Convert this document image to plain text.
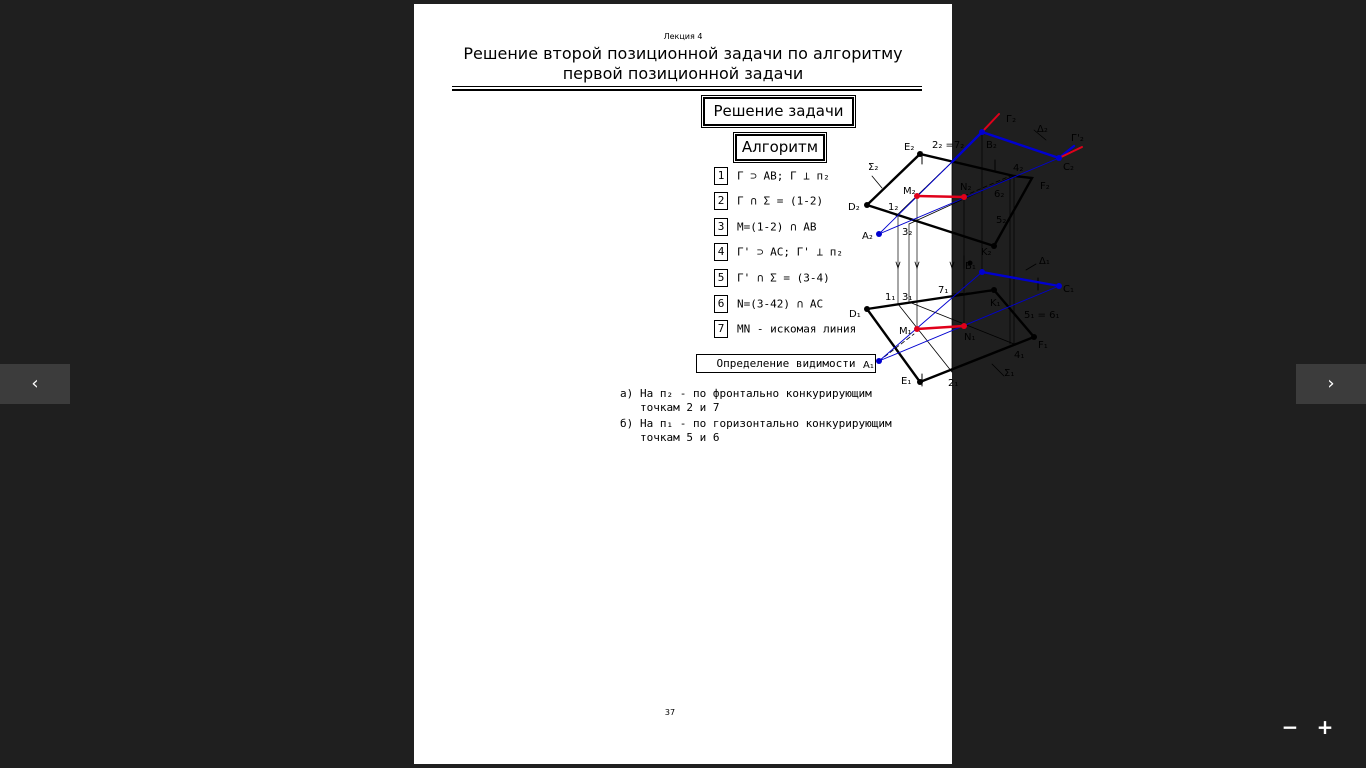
Лекция 4
Решение второй позиционной задачи по алгоритму
первой позиционной задачи
Г₂
Δ₂
Г'₂
B₂
C₂
E₂ 2₂ =7₂
Σ₂
M₂	N₂
4₂
F₂
D₂	1₂
6₂
3₂
5₂
A₂
K₂
B₁	Δ₁
C₁
1₁ 3₁
7₁
K₁
D₁	5₁ = 6₁
M₁
N₁
F₁
4₁
A₁
E₁	2₁
Σ₁
Решение задачи
Алгоритм
1 Г ⊃ АВ; Г ⊥ п₂
2 Г ∩ Σ = (1-2)
3 M=(1-2) ∩ АВ
4 Г' ⊃ АС; Г' ⊥ п₂
5 Г' ∩ Σ = (3-4)
6 N=(3-42) ∩ АС
7 MN - искомая линия
Определение видимости
а) На п₂ - по фронтально конкурирующим
точкам 2 и 7
б) На п₁ - по горизонтально конкурирующим
точкам 5 и 6
37
‹	›
− +
